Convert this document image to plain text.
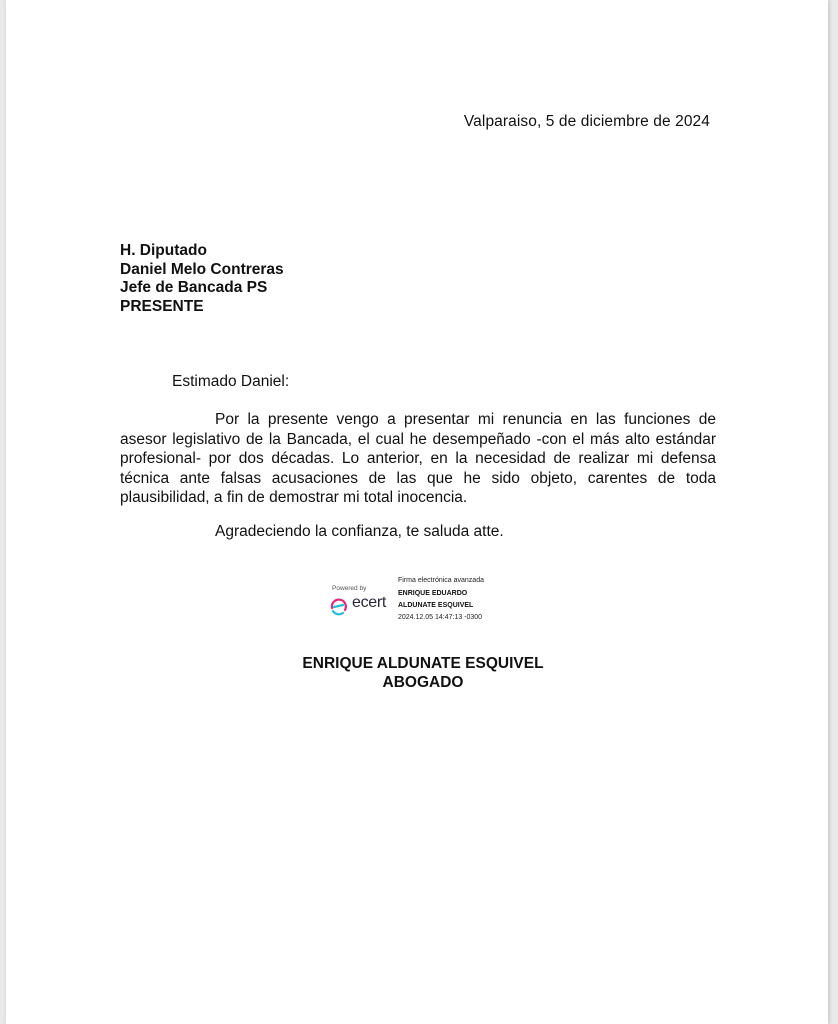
Valparaiso, 5 de diciembre de 2024
H. Diputado
Daniel Melo Contreras
Jefe de Bancada PS
PRESENTE
Estimado Daniel:
Por la presente vengo a presentar mi renuncia en las funciones de asesor legislativo de la Bancada, el cual he desempeñado -con el más alto estándar profesional- por dos décadas. Lo anterior, en la necesidad de realizar mi defensa técnica ante falsas acusaciones de las que he sido objeto, carentes de toda plausibilidad, a fin de demostrar mi total inocencia.
Agradeciendo la confianza, te saluda atte.
Powered by
ecert
Firma electrónica avanzada
ENRIQUE EDUARDO
ALDUNATE ESQUIVEL
2024.12.05 14:47:13 -0300
ENRIQUE ALDUNATE ESQUIVEL
ABOGADO
